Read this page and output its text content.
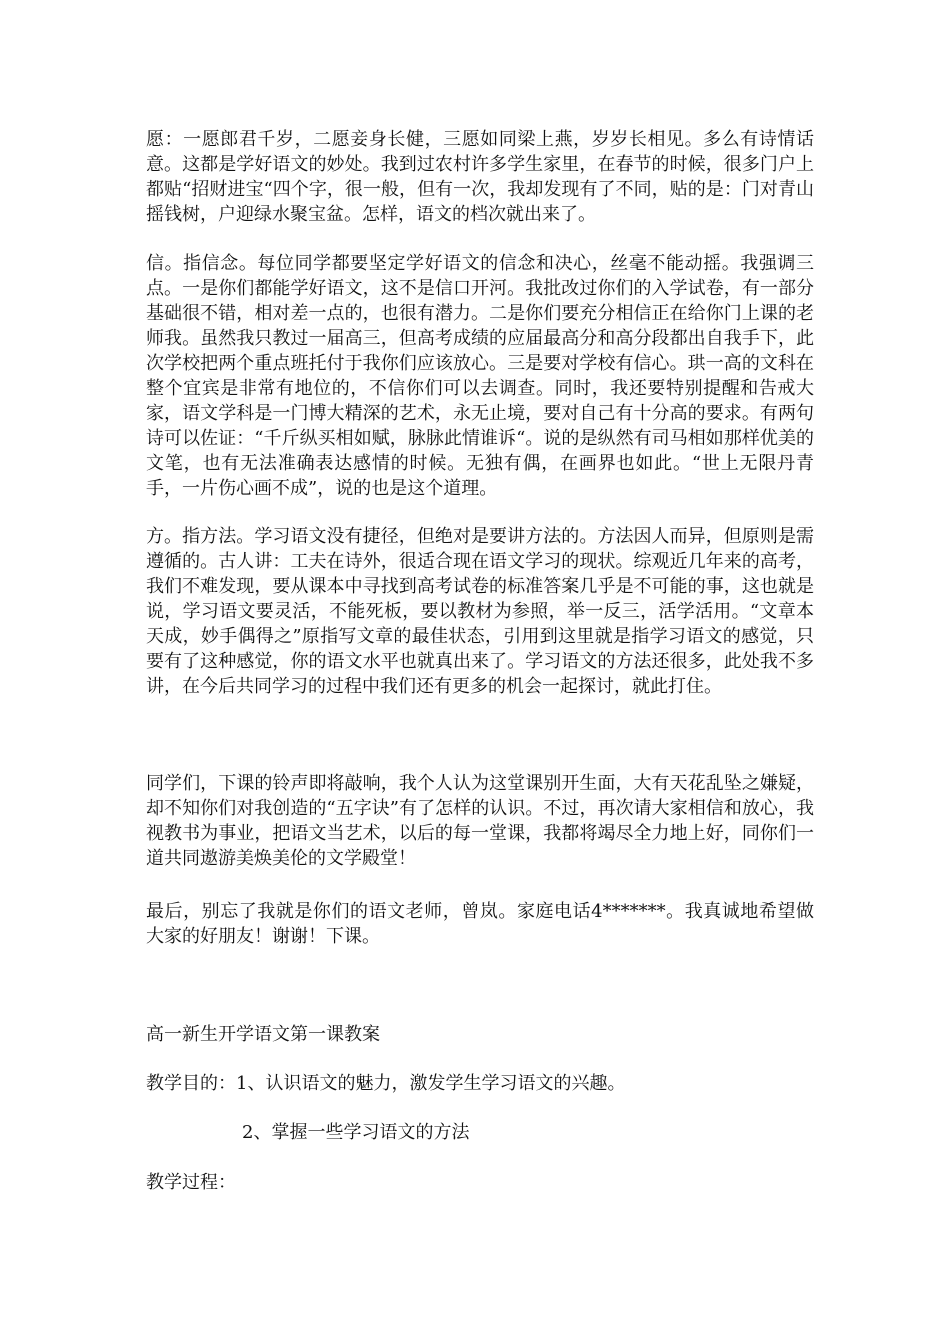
愿：一愿郎君千岁，二愿妾身长健，三愿如同梁上燕，岁岁长相见。多么有诗情话意。这都是学好语文的妙处。我到过农村许多学生家里，在春节的时候，很多门户上都贴“招财进宝“四个字，很一般，但有一次，我却发现有了不同，贴的是：门对青山摇钱树，户迎绿水聚宝盆。怎样，语文的档次就出来了。
信。指信念。每位同学都要坚定学好语文的信念和决心，丝毫不能动摇。我强调三点。一是你们都能学好语文，这不是信口开河。我批改过你们的入学试卷，有一部分基础很不错，相对差一点的，也很有潜力。二是你们要充分相信正在给你门上课的老师我。虽然我只教过一届高三，但高考成绩的应届最高分和高分段都出自我手下，此次学校把两个重点班托付于我你们应该放心。三是要对学校有信心。珙一高的文科在整个宜宾是非常有地位的，不信你们可以去调查。同时，我还要特别提醒和告戒大家，语文学科是一门博大精深的艺术，永无止境，要对自己有十分高的要求。有两句诗可以佐证：“千斤纵买相如赋，脉脉此情谁诉“。说的是纵然有司马相如那样优美的文笔，也有无法准确表达感情的时候。无独有偶，在画界也如此。“世上无限丹青手，一片伤心画不成”，说的也是这个道理。
方。指方法。学习语文没有捷径，但绝对是要讲方法的。方法因人而异，但原则是需遵循的。古人讲：工夫在诗外，很适合现在语文学习的现状。综观近几年来的高考，我们不难发现，要从课本中寻找到高考试卷的标准答案几乎是不可能的事，这也就是说，学习语文要灵活，不能死板，要以教材为参照，举一反三，活学活用。“文章本天成，妙手偶得之”原指写文章的最佳状态，引用到这里就是指学习语文的感觉，只要有了这种感觉，你的语文水平也就真出来了。学习语文的方法还很多，此处我不多讲，在今后共同学习的过程中我们还有更多的机会一起探讨，就此打住。
同学们，下课的铃声即将敲响，我个人认为这堂课别开生面，大有天花乱坠之嫌疑，却不知你们对我创造的“五字诀”有了怎样的认识。不过，再次请大家相信和放心，我视教书为事业，把语文当艺术，以后的每一堂课，我都将竭尽全力地上好，同你们一道共同遨游美焕美伦的文学殿堂！
最后，别忘了我就是你们的语文老师，曾岚。家庭电话4*******。我真诚地希望做大家的好朋友！谢谢！下课。
高一新生开学语文第一课教案
教学目的：1、认识语文的魅力，激发学生学习语文的兴趣。
2、掌握一些学习语文的方法
教学过程：
